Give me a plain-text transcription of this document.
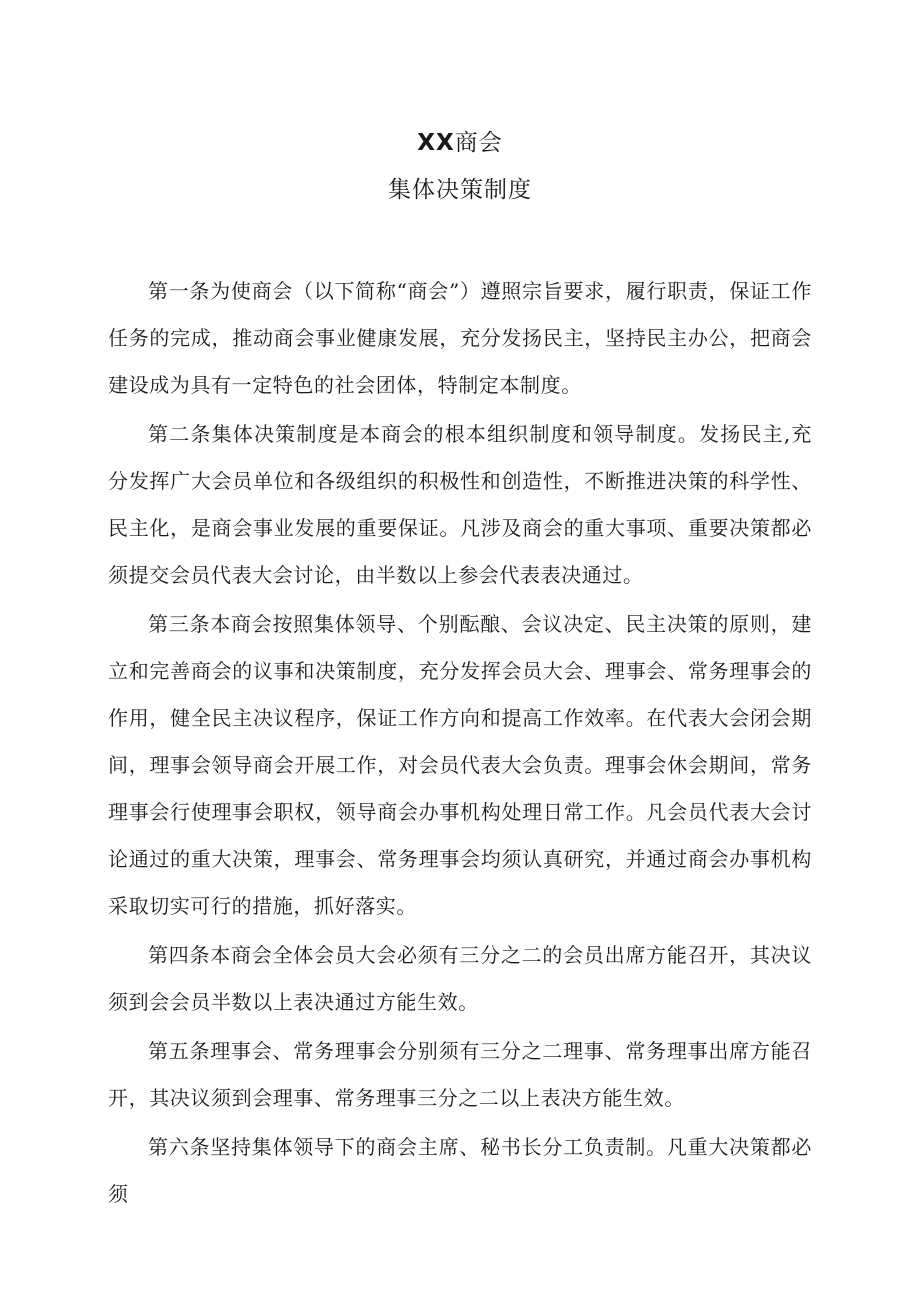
XX商会
集体决策制度

第一条为使商会（以下简称“商会”）遵照宗旨要求，履行职责，保证工作任务的完成，推动商会事业健康发展，充分发扬民主，坚持民主办公，把商会建设成为具有一定特色的社会团体，特制定本制度。

第二条集体决策制度是本商会的根本组织制度和领导制度。发扬民主,充分发挥广大会员单位和各级组织的积极性和创造性，不断推进决策的科学性、民主化，是商会事业发展的重要保证。凡涉及商会的重大事项、重要决策都必须提交会员代表大会讨论，由半数以上参会代表表决通过。

第三条本商会按照集体领导、个别酝酿、会议决定、民主决策的原则，建立和完善商会的议事和决策制度，充分发挥会员大会、理事会、常务理事会的作用，健全民主决议程序，保证工作方向和提高工作效率。在代表大会闭会期间，理事会领导商会开展工作，对会员代表大会负责。理事会休会期间，常务理事会行使理事会职权，领导商会办事机构处理日常工作。凡会员代表大会讨论通过的重大决策，理事会、常务理事会均须认真研究，并通过商会办事机构采取切实可行的措施，抓好落实。

第四条本商会全体会员大会必须有三分之二的会员出席方能召开，其决议须到会会员半数以上表决通过方能生效。

第五条理事会、常务理事会分别须有三分之二理事、常务理事出席方能召开，其决议须到会理事、常务理事三分之二以上表决方能生效。

第六条坚持集体领导下的商会主席、秘书长分工负责制。凡重大决策都必须
